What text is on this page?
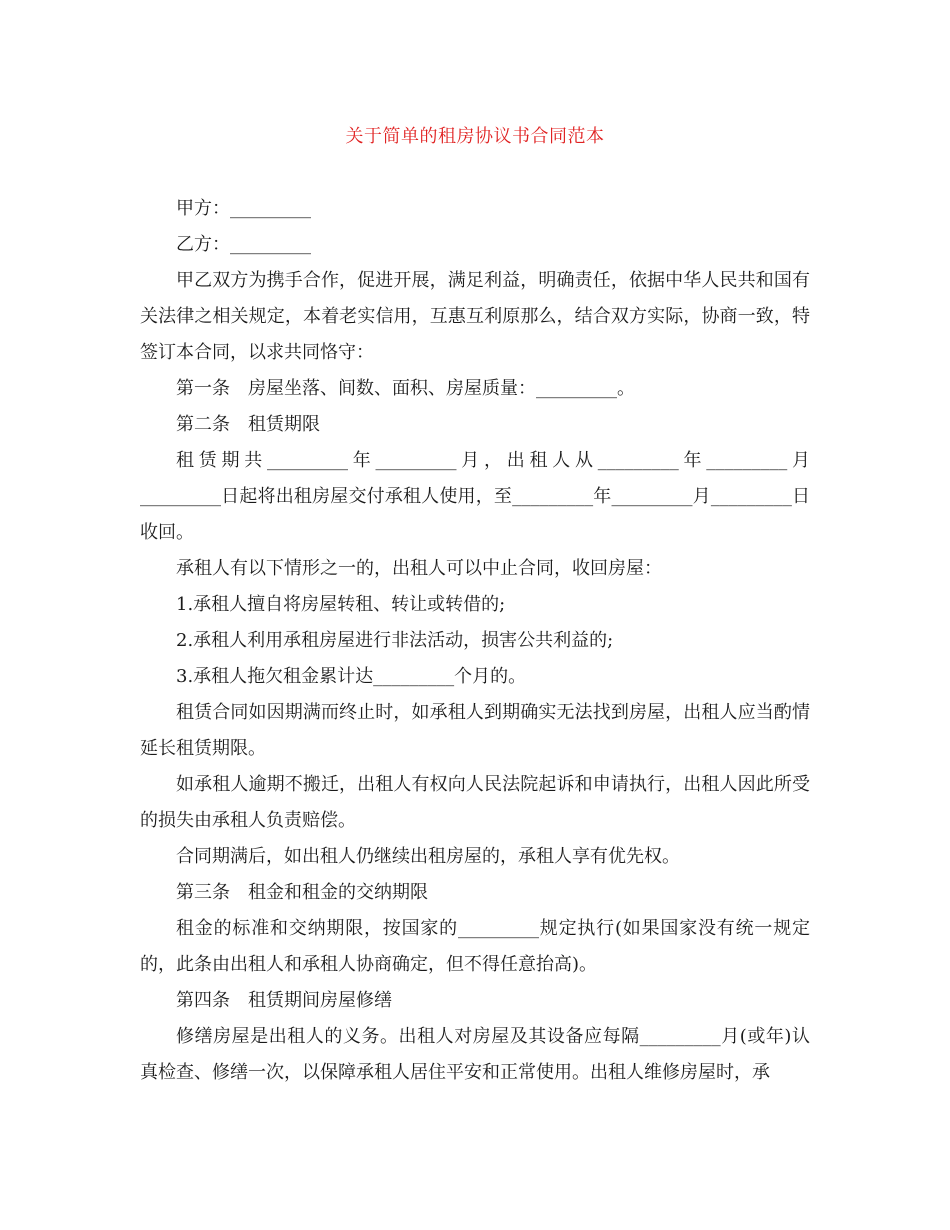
关于简单的租房协议书合同范本

甲方：_________

乙方：_________

甲乙双方为携手合作，促进开展，满足利益，明确责任，依据中华人民共和国有关法律之相关规定，本着老实信用，互惠互利原那么，结合双方实际，协商一致，特签订本合同，以求共同恪守：

第一条　房屋坐落、间数、面积、房屋质量：_________。

第二条　租赁期限

租赁期共_________年_________月，出租人从_________年_________月_________日起将出租房屋交付承租人使用，至_________年_________月_________日收回。

承租人有以下情形之一的，出租人可以中止合同，收回房屋：

1.承租人擅自将房屋转租、转让或转借的;

2.承租人利用承租房屋进行非法活动，损害公共利益的;

3.承租人拖欠租金累计达_________个月的。

租赁合同如因期满而终止时，如承租人到期确实无法找到房屋，出租人应当酌情延长租赁期限。

如承租人逾期不搬迁，出租人有权向人民法院起诉和申请执行，出租人因此所受的损失由承租人负责赔偿。

合同期满后，如出租人仍继续出租房屋的，承租人享有优先权。

第三条　租金和租金的交纳期限

租金的标准和交纳期限，按国家的_________规定执行(如果国家没有统一规定的，此条由出租人和承租人协商确定，但不得任意抬高)。

第四条　租赁期间房屋修缮

修缮房屋是出租人的义务。出租人对房屋及其设备应每隔_________月(或年)认真检查、修缮一次，以保障承租人居住平安和正常使用。出租人维修房屋时，承
